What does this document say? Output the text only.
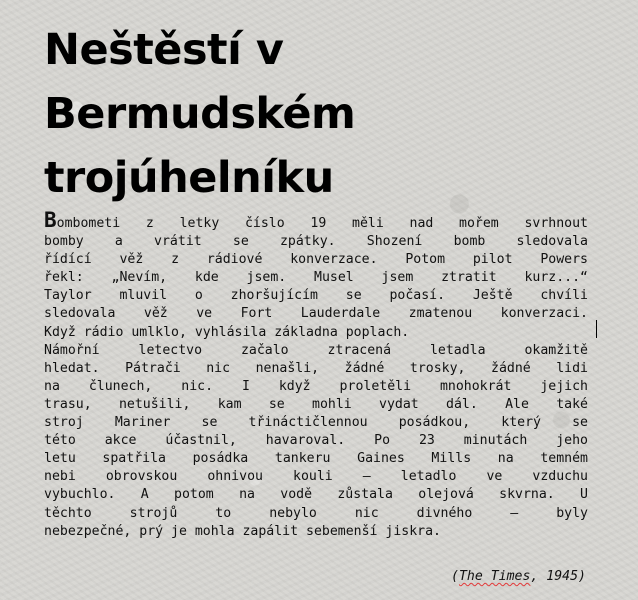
Neštěstí v
Bermudském
trojúhelníku
Bombometi z letky číslo 19 měli nad mořem svrhnout
bomby a vrátit se zpátky. Shození bomb sledovala
řídící věž z rádiové konverzace. Potom pilot Powers
řekl: „Nevím, kde jsem. Musel jsem ztratit kurz...“
Taylor mluvil o zhoršujícím se počasí. Ještě chvíli
sledovala věž ve Fort Lauderdale zmatenou konverzaci.
Když rádio umlklo, vyhlásila základna poplach.
Námořní letectvo začalo ztracená letadla okamžitě
hledat. Pátrači nic nenašli, žádné trosky, žádné lidi
na člunech, nic. I když proletěli mnohokrát jejich
trasu, netušili, kam se mohli vydat dál. Ale také
stroj Mariner se třináctičlennou posádkou, který se
této akce účastnil, havaroval. Po 23 minutách jeho
letu spatřila posádka tankeru Gaines Mills na temném
nebi obrovskou ohnivou kouli – letadlo ve vzduchu
vybuchlo. A potom na vodě zůstala olejová skvrna. U
těchto strojů to nebylo nic divného – byly
nebezpečné, prý je mohla zapálit sebemenší jiskra.
(The Times, 1945)
